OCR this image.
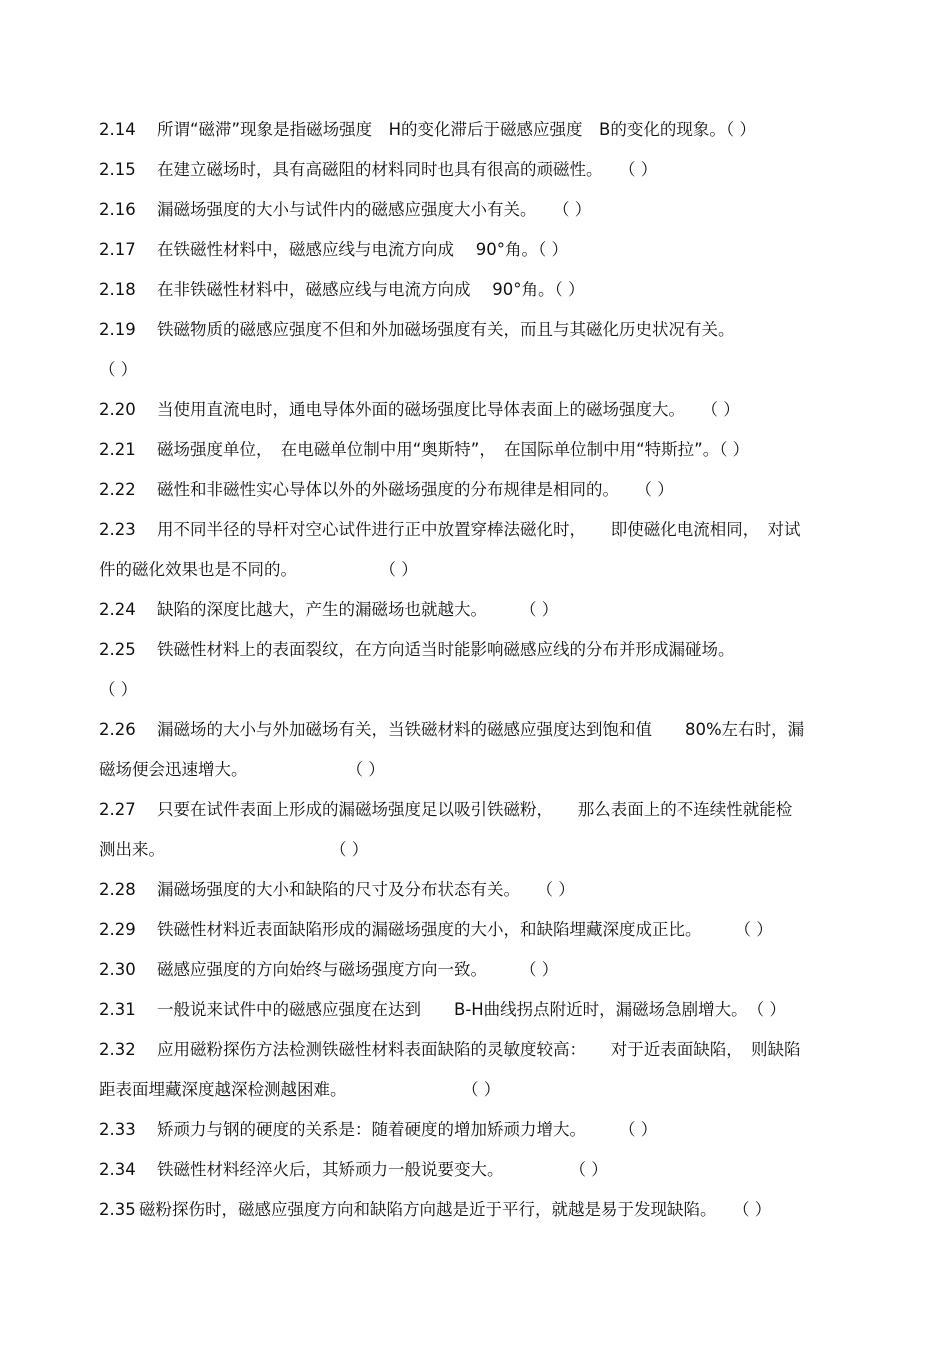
2.14 所谓“磁滞”现象是指磁场强度　H的变化滞后于磁感应强度　B的变化的现象。（ ）
2.15 在建立磁场时，具有高磁阻的材料同时也具有很高的顽磁性。　　（ ）
2.16 漏磁场强度的大小与试件内的磁感应强度大小有关。　　（ ）
2.17 在铁磁性材料中，磁感应线与电流方向成　 90°角。（ ）
2.18 在非铁磁性材料中，磁感应线与电流方向成　 90°角。（ ）
2.19 铁磁物质的磁感应强度不但和外加磁场强度有关，而且与其磁化历史状况有关。
（ ）
2.20 当使用直流电时，通电导体外面的磁场强度比导体表面上的磁场强度大。　　（ ）
2.21 磁场强度单位，　在电磁单位制中用“奥斯特”，　在国际单位制中用“特斯拉”。（ ）
2.22 磁性和非磁性实心导体以外的外磁场强度的分布规律是相同的。　　（ ）
2.23 用不同半径的导杆对空心试件进行正中放置穿棒法磁化时，　　即使磁化电流相同，　对试
件的磁化效果也是不同的。　　　　　　（ ）
2.24 缺陷的深度比越大，产生的漏磁场也就越大。　　　（ ）
2.25 铁磁性材料上的表面裂纹，在方向适当时能影响磁感应线的分布并形成漏碰场。
（ ）
2.26 漏磁场的大小与外加磁场有关，当铁磁材料的磁感应强度达到饱和值　　80%左右时，漏
磁场便会迅速增大。　　　　　　　（ ）
2.27 只要在试件表面上形成的漏磁场强度足以吸引铁磁粉，　　那么表面上的不连续性就能检
测出来。　　　　　　　　　　　（ ）
2.28 漏磁场强度的大小和缺陷的尺寸及分布状态有关。　　（ ）
2.29 铁磁性材料近表面缺陷形成的漏磁场强度的大小，和缺陷埋藏深度成正比。　　　（ ）
2.30 磁感应强度的方向始终与磁场强度方向一致。　　　（ ）
2.31 一般说来试件中的磁感应强度在达到　　B-H曲线拐点附近时，漏磁场急剧增大。　（ ）
2.32 应用磁粉探伤方法检测铁磁性材料表面缺陷的灵敏度较高：　　对于近表面缺陷，　则缺陷
距表面埋藏深度越深检测越困难。　　　　　　　　（ ）
2.33 矫顽力与钢的硬度的关系是：随着硬度的增加矫顽力增大。　　　（ ）
2.34 铁磁性材料经淬火后，其矫顽力一般说要变大。　　　　　（ ）
2.35 磁粉探伤时，磁感应强度方向和缺陷方向越是近于平行，就越是易于发现缺陷。　　（ ）
